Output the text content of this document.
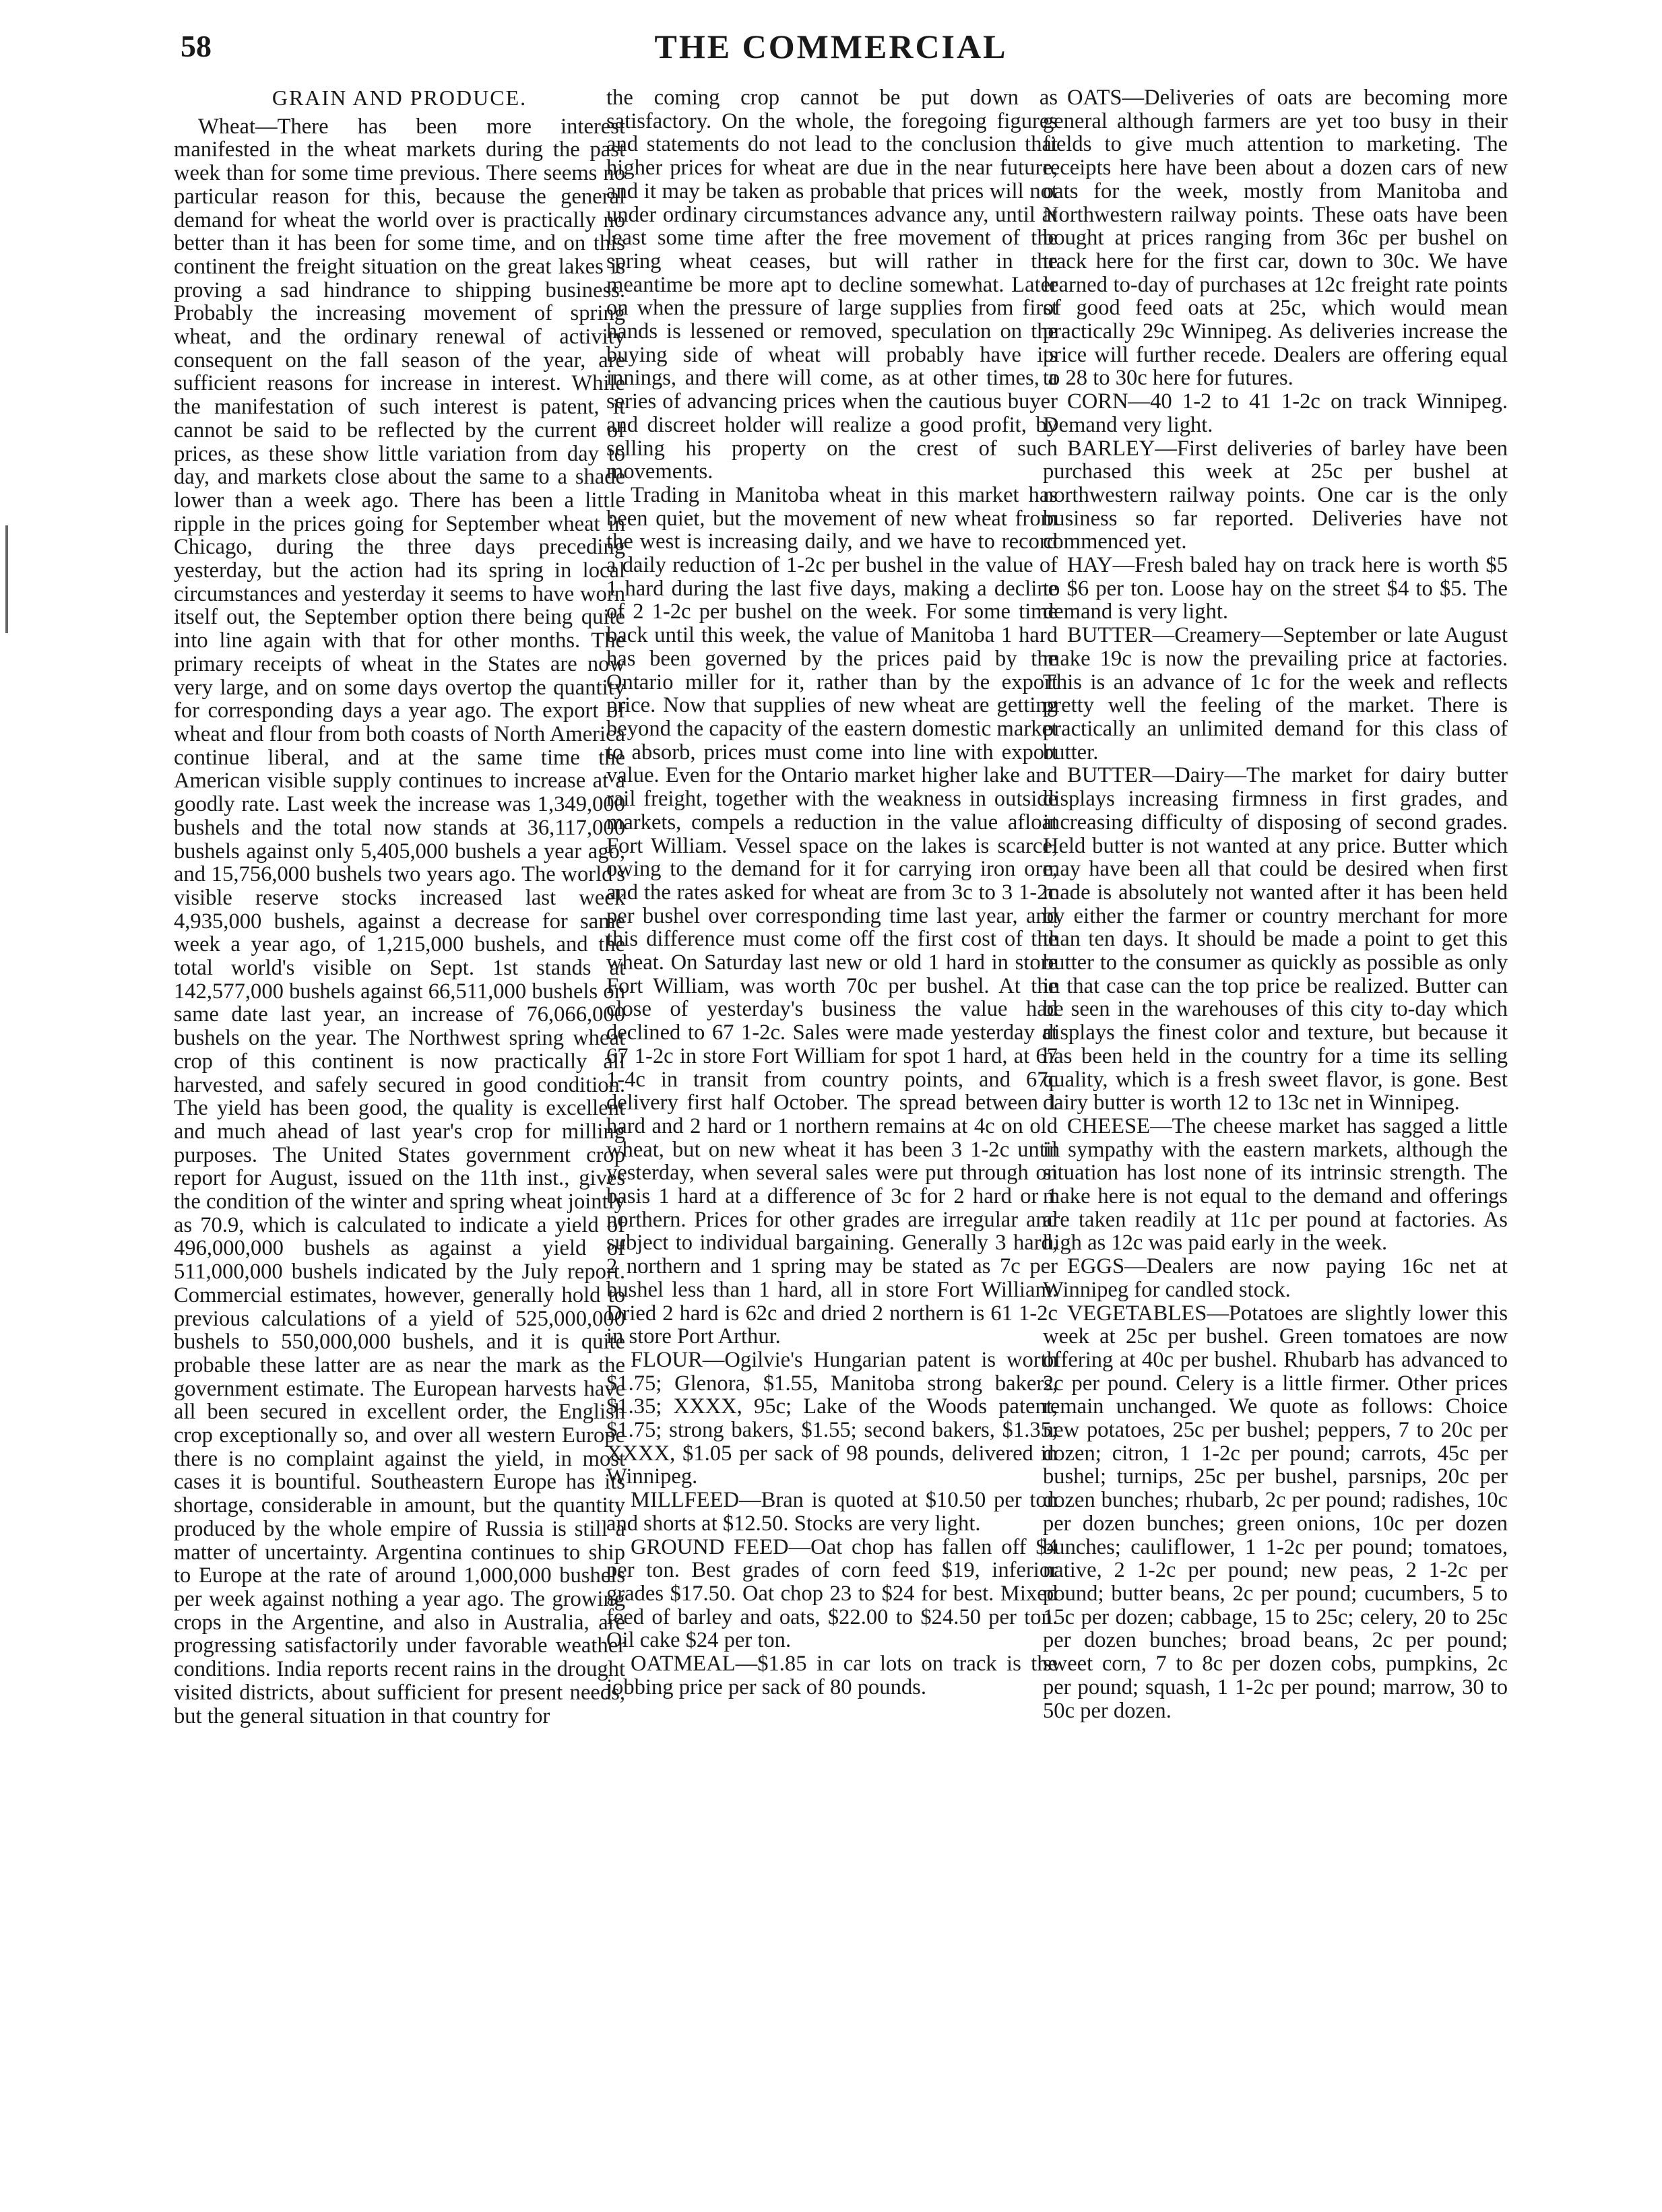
58	THE COMMERCIAL
GRAIN AND PRODUCE.

Wheat—There has been more interest manifested in the wheat markets during the past week than for some time previous. There seems no particular reason for this, because the general demand for wheat the world over is practically no better than it has been for some time, and on this continent the freight situation on the great lakes is proving a sad hindrance to shipping business. Probably the increasing movement of spring wheat, and the ordinary renewal of activity consequent on the fall season of the year, are sufficient reasons for increase in interest. While the manifestation of such interest is patent, it cannot be said to be reflected by the current of prices, as these show little variation from day to day, and markets close about the same to a shade lower than a week ago. There has been a little ripple in the prices going for September wheat in Chicago, during the three days preceding yesterday, but the action had its spring in local circumstances and yesterday it seems to have worn itself out, the September option there being quite into line again with that for other months. The primary receipts of wheat in the States are now very large, and on some days overtop the quantity for corresponding days a year ago. The export of wheat and flour from both coasts of North America continue liberal, and at the same time the American visible supply continues to increase at a goodly rate. Last week the increase was 1,349,000 bushels and the total now stands at 36,117,000 bushels against only 5,405,000 bushels a year ago, and 15,756,000 bushels two years ago. The world's visible reserve stocks increased last week 4,935,000 bushels, against a decrease for same week a year ago, of 1,215,000 bushels, and the total world's visible on Sept. 1st stands at 142,577,000 bushels against 66,511,000 bushels on same date last year, an increase of 76,066,000 bushels on the year. The Northwest spring wheat crop of this continent is now practically all harvested, and safely secured in good condition. The yield has been good, the quality is excellent and much ahead of last year's crop for milling purposes. The United States government crop report for August, issued on the 11th inst., gives the condition of the winter and spring wheat jointly as 70.9, which is calculated to indicate a yield of 496,000,000 bushels as against a yield of 511,000,000 bushels indicated by the July report. Commercial estimates, however, generally hold to previous calculations of a yield of 525,000,000 bushels to 550,000,000 bushels, and it is quite probable these latter are as near the mark as the government estimate. The European harvests have all been secured in excellent order, the English crop exceptionally so, and over all western Europe there is no complaint against the yield, in most cases it is bountiful. Southeastern Europe has its shortage, considerable in amount, but the quantity produced by the whole empire of Russia is still a matter of uncertainty. Argentina continues to ship to Europe at the rate of around 1,000,000 bushels per week against nothing a year ago. The growing crops in the Argentine, and also in Australia, are progressing satisfactorily under favorable weather conditions. India reports recent rains in the drought visited districts, about sufficient for present needs, but the general situation in that country for

the coming crop cannot be put down as satisfactory. On the whole, the foregoing figures and statements do not lead to the conclusion that higher prices for wheat are due in the near future, and it may be taken as probable that prices will not under ordinary circumstances advance any, until at least some time after the free movement of the spring wheat ceases, but will rather in the meantime be more apt to decline somewhat. Later on when the pressure of large supplies from first hands is lessened or removed, speculation on the buying side of wheat will probably have its innings, and there will come, as at other times, a series of advancing prices when the cautious buyer and discreet holder will realize a good profit, by selling his property on the crest of such movements.

Trading in Manitoba wheat in this market has been quiet, but the movement of new wheat from the west is increasing daily, and we have to record a daily reduction of 1-2c per bushel in the value of 1 hard during the last five days, making a decline of 2 1-2c per bushel on the week. For some time back until this week, the value of Manitoba 1 hard has been governed by the prices paid by the Ontario miller for it, rather than by the export price. Now that supplies of new wheat are getting beyond the capacity of the eastern domestic market to absorb, prices must come into line with export value. Even for the Ontario market higher lake and rail freight, together with the weakness in outside markets, compels a reduction in the value afloat Fort William. Vessel space on the lakes is scarce, owing to the demand for it for carrying iron ore, and the rates asked for wheat are from 3c to 3 1-2c per bushel over corresponding time last year, and this difference must come off the first cost of the wheat. On Saturday last new or old 1 hard in store Fort William, was worth 70c per bushel. At the close of yesterday's business the value had declined to 67 1-2c. Sales were made yesterday at 67 1-2c in store Fort William for spot 1 hard, at 67 1-4c in transit from country points, and 67c delivery first half October. The spread between 1 hard and 2 hard or 1 northern remains at 4c on old wheat, but on new wheat it has been 3 1-2c until yesterday, when several sales were put through on basis 1 hard at a difference of 3c for 2 hard or 1 northern. Prices for other grades are irregular and subject to individual bargaining. Generally 3 hard, 2 northern and 1 spring may be stated as 7c per bushel less than 1 hard, all in store Fort William. Dried 2 hard is 62c and dried 2 northern is 61 1-2c in store Port Arthur.

FLOUR—Ogilvie's Hungarian patent is worth $1.75; Glenora, $1.55, Manitoba strong bakers, $1.35; XXXX, 95c; Lake of the Woods patent, $1.75; strong bakers, $1.55; second bakers, $1.35; XXXX, $1.05 per sack of 98 pounds, delivered in Winnipeg.

MILLFEED—Bran is quoted at $10.50 per ton and shorts at $12.50. Stocks are very light.

GROUND FEED—Oat chop has fallen off $4 per ton. Best grades of corn feed $19, inferior grades $17.50. Oat chop 23 to $24 for best. Mixed feed of barley and oats, $22.00 to $24.50 per ton. Oil cake $24 per ton.

OATMEAL—$1.85 in car lots on track is the jobbing price per sack of 80 pounds.

OATS—Deliveries of oats are becoming more general although farmers are yet too busy in their fields to give much attention to marketing. The receipts here have been about a dozen cars of new oats for the week, mostly from Manitoba and Northwestern railway points. These oats have been bought at prices ranging from 36c per bushel on track here for the first car, down to 30c. We have learned to-day of purchases at 12c freight rate points of good feed oats at 25c, which would mean practically 29c Winnipeg. As deliveries increase the price will further recede. Dealers are offering equal to 28 to 30c here for futures.

CORN—40 1-2 to 41 1-2c on track Winnipeg. Demand very light.

BARLEY—First deliveries of barley have been purchased this week at 25c per bushel at northwestern railway points. One car is the only business so far reported. Deliveries have not commenced yet.

HAY—Fresh baled hay on track here is worth $5 to $6 per ton. Loose hay on the street $4 to $5. The demand is very light.

BUTTER—Creamery—September or late August make 19c is now the prevailing price at factories. This is an advance of 1c for the week and reflects pretty well the feeling of the market. There is practically an unlimited demand for this class of butter.

BUTTER—Dairy—The market for dairy butter displays increasing firmness in first grades, and increasing difficulty of disposing of second grades. Held butter is not wanted at any price. Butter which may have been all that could be desired when first made is absolutely not wanted after it has been held by either the farmer or country merchant for more than ten days. It should be made a point to get this butter to the consumer as quickly as possible as only in that case can the top price be realized. Butter can be seen in the warehouses of this city to-day which displays the finest color and texture, but because it has been held in the country for a time its selling quality, which is a fresh sweet flavor, is gone. Best dairy butter is worth 12 to 13c net in Winnipeg.

CHEESE—The cheese market has sagged a little in sympathy with the eastern markets, although the situation has lost none of its intrinsic strength. The make here is not equal to the demand and offerings are taken readily at 11c per pound at factories. As high as 12c was paid early in the week.

EGGS—Dealers are now paying 16c net at Winnipeg for candled stock.

VEGETABLES—Potatoes are slightly lower this week at 25c per bushel. Green tomatoes are now offering at 40c per bushel. Rhubarb has advanced to 2c per pound. Celery is a little firmer. Other prices remain unchanged. We quote as follows: Choice new potatoes, 25c per bushel; peppers, 7 to 20c per dozen; citron, 1 1-2c per pound; carrots, 45c per bushel; turnips, 25c per bushel, parsnips, 20c per dozen bunches; rhubarb, 2c per pound; radishes, 10c per dozen bunches; green onions, 10c per dozen bunches; cauliflower, 1 1-2c per pound; tomatoes, native, 2 1-2c per pound; new peas, 2 1-2c per pound; butter beans, 2c per pound; cucumbers, 5 to 15c per dozen; cabbage, 15 to 25c; celery, 20 to 25c per dozen bunches; broad beans, 2c per pound; sweet corn, 7 to 8c per dozen cobs, pumpkins, 2c per pound; squash, 1 1-2c per pound; marrow, 30 to 50c per dozen.
